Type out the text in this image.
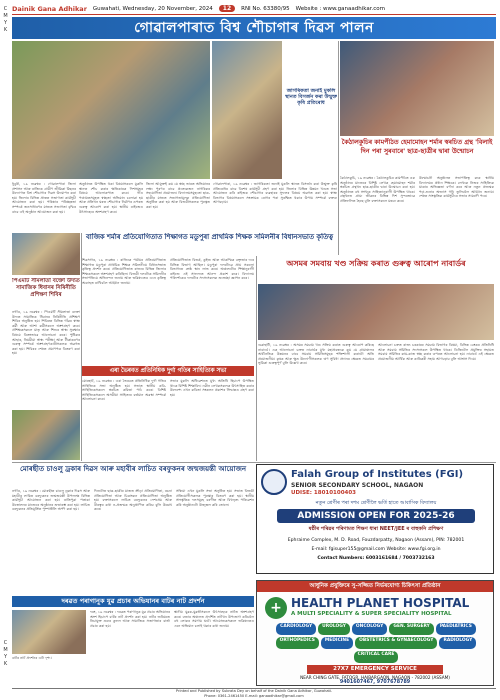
C
M
Y
K
C
M
Y
K
Dainik Gana Adhikar Guwahati, Wednesday, 20 November, 2024	12	RNI No. 63380/95 Website : www.ganaadhikar.com
গোৱালপাৰাত বিশ্ব শৌচাগাৰ দিৱস পালন
জাগৰিকতা জনাই মুকলি স্থানত বিসৰ্জন কৰা উন্মুক্ত কৃষি প্ৰতিৰোধ
কৈঠালকুচিৰ কামপীঠত হেমামোহন শৰ্মাৰ স্বৰচিত গ্ৰন্থ 'বিলাই দিন পৰা সুৰবাৰে' ছাত্ৰ-ছাত্ৰীৰ দ্বাৰা উন্মোচন
ধুবুৰী, ১৯ নৱেম্বৰ : গোৱালপাৰা জিলা প্ৰশাসন আৰু ৰাজ্যিক গ্ৰামীণ জীৱিকা মিছনৰ উদ্যোগত বিশ্ব শৌচাগাৰ দিৱস উদযাপন কৰা হয়। জিলাৰ বিভিন্ন প্ৰান্তত সজাগতা কাৰ্যসূচী আয়োজন কৰা হয়। পৰিষ্কাৰ পৰিচ্ছন্নতা সম্পৰ্কে জনসাধাৰণৰ মাজত সজাগতা বৃদ্ধিৰ বাবে এই অনুষ্ঠান আয়োজন কৰা হয়।
অনুষ্ঠানত উপস্থিত থকা বিষয়াসকলে মুকলি স্থানত শৌচ কৰাৰ ক্ষতিকাৰক দিশসমূহৰ বিষয়ে আলোকপাত কৰে। গাঁও পঞ্চায়তসমূহত স্বচ্ছতা অভিযান চলোৱা হয় আৰু প্ৰতিখন ঘৰত শৌচাগাৰ নিৰ্মাণৰ ওপৰত গুৰুত্ব আৰোপ কৰা হয়। স্থানীয় ৰাইজেও উৎসাহেৰে অংশগ্ৰহণ কৰে।
জিলা আয়ুক্তই কয় যে স্বচ্ছ ভাৰত অভিযানৰ লক্ষ্য পূৰণৰ বাবে প্ৰত্যেকজন নাগৰিকৰ সহযোগিতা প্ৰয়োজন। বিদ্যালয়সমূহতো ছাত্ৰ-ছাত্ৰীৰ মাজত সজাগতামূলক প্ৰতিযোগিতা অনুষ্ঠিত কৰা হয় আৰু বিজয়ীসকলক পুৰস্কৃত কৰা হয়।
গোৱালপাৰা, ১৯ নৱেম্বৰ : জাগৰিকতা জনাই মুকলি স্থানত বিসৰ্জন কৰা উন্মুক্ত কৃষি প্ৰতিৰোধৰ বাবে বিশেষ কাৰ্যসূচী গ্ৰহণ কৰা হয়। জিলাৰ বিভিন্ন উন্নয়ন খণ্ডত সভা আয়োজন কৰি ৰাইজক শৌচাগাৰ ব্যৱহাৰৰ সুফলৰ বিষয়ে অৱগত কৰা হয়। স্বাস্থ্য বিভাগৰ বিষয়াসকলে সংক্ৰামক ৰোগৰ পৰা সুৰক্ষিত থকাৰ উপায় সম্পৰ্কে বক্তব্য আগবঢ়ায়।
কৈঠালকুচি, ১৯ নৱেম্বৰ : কৈঠালকুচিৰ কামপীঠত এক অনুষ্ঠানৰ মাজেৰে বিশিষ্ট লেখক হেমামোহন শৰ্মাৰ স্বৰচিত গ্ৰন্থখন ছাত্ৰ-ছাত্ৰীৰ দ্বাৰা উন্মোচন কৰা হয়। অনুষ্ঠানত বহু সংখ্যক সাহিত্যানুৰাগী উপস্থিত থাকে। গ্ৰন্থখনত গ্ৰাম্য জীৱনৰ বিভিন্ন দিশ সুন্দৰভাৱে প্ৰতিফলিত হৈছে বুলি বক্তাসকলে মন্তব্য কৰে।
উন্মোচনী অনুষ্ঠানত সভাপতিত্ব কৰে স্থানীয় বিদ্যালয়ৰ প্ৰধান শিক্ষকে। লেখকে নিজৰ সাহিত্যিক যাত্ৰাৰ অভিজ্ঞতা বৰ্ণনা কৰে আৰু নতুন প্ৰজন্মক পঢ়া-শুনাৰ অভ্যাস গঢ়ি তুলিবলৈ আহ্বান জনায়। শেষত সাংস্কৃতিক কাৰ্যসূচীৰে সভাৰ সামৰণি পৰে।
বাজিক শৰ্মাৰ প্ৰতিযোগিতাত শিক্ষাগত মডুপুৰা প্ৰাথমিক শিক্ষক সমিলনীৰ বিধানসভাত কৃতিত্ব
পিএমটি সীমলাতা বক্তো উদ্যত সামাজিক ধিবানৰ নিৰিনীতি প্ৰশিক্ষণ শিবিৰ
নগাঁও, ১৯ নৱেম্বৰ : পিএমটি সীমলাতা বক্তো উদ্যত সামাজিক ধিবানৰ নিৰিনীতি প্ৰশিক্ষণ শিবিৰ অনুষ্ঠিত হয়। শিবিৰত বিভিন্ন গাঁৱৰ স্বাস্থ্য কৰ্মী আৰু আশা কৰ্মীসকলে অংশগ্ৰহণ কৰে। প্ৰশিক্ষকসকলে মাতৃ আৰু শিশুৰ স্বাস্থ্য সুৰক্ষাৰ বিষয়ে বিতংভাৱে আলোচনা কৰে। পুষ্টিকৰ আহাৰ, নিয়মীয়া স্বাস্থ্য পৰীক্ষা আৰু টীকাকৰণৰ গুৰুত্ব সম্পৰ্কে অংশগ্ৰহণকাৰীসকলক অৱগত কৰা হয়। শিবিৰৰ শেষত প্ৰমাণপত্ৰ বিতৰণ কৰা হয়।
শিৱসাগৰ, ১৯ নৱেম্বৰ : ৰাজ্যিক পৰ্যায়ৰ প্ৰতিযোগিতাত শিক্ষাগত মডুপুৰা প্ৰাথমিক শিক্ষক সমিলনীয়ে বিধানসভাত কৃতিত্ব প্ৰদৰ্শন কৰে। প্ৰতিযোগিতাত ৰাজ্যৰ বিভিন্ন জিলাৰ শিক্ষকসকলে অংশগ্ৰহণ কৰিছিল। বিজয়ী দলটোক সমিলনীৰ সভাপতিয়ে অভিনন্দন জনায় আৰু ভৱিষ্যতেও এনে কৃতিত্ব অব্যাহত ৰাখিবলৈ আহ্বান জনায়।
প্ৰতিযোগিতাত বিতৰ্ক, কুইজ আৰু আকস্মিক বক্তৃতাৰ দৰে বিভিন্ন বিভাগ আছিল। মডুপুৰা দলটোৱে প্ৰায় সকলো বিভাগতে শ্ৰেষ্ঠ স্থান লাভ কৰে। অঞ্চলটোৰ শিক্ষানুৰাগী ৰাইজে এই সাফল্যত আনন্দ প্ৰকাশ কৰে। বিদ্যালয় পৰিদৰ্শকেও দলটোৰ সদস্যসকলক শুভেচ্ছা জ্ঞাপন কৰে।
অসমৰ সমবায় খণ্ড সক্ৰিয় কৰাত গুৰুত্ব আৰোপ নাবাৰ্ডৰ
গুৱাহাটী, ১৯ নৱেম্বৰ : অসমৰ সমবায় খণ্ড সক্ৰিয় কৰাত গুৰুত্ব আৰোপ কৰিছে নাবাৰ্ডে। এক আলোচনা চক্ৰত নাবাৰ্ডৰ মুখ্য মহাপ্ৰবন্ধকে কয় যে গ্ৰামাঞ্চলৰ অৰ্থনৈতিক উন্নয়নৰ বাবে সমবায় সমিতিসমূহক শক্তিশালী কৰাটো অতি প্ৰয়োজনীয়। কৃষক আৰু ক্ষুদ্ৰ উদ্যোগীসকলক ঋণ সুবিধা প্ৰদানৰ ক্ষেত্ৰত সমবায়ৰ ভূমিকা গুৰুত্বপূৰ্ণ বুলি উল্লেখ কৰে।
আলোচনা চক্ৰত ৰাজ্য চৰকাৰৰ সমবায় বিভাগৰ বিষয়া, বিভিন্ন বেংকৰ প্ৰতিনিধি আৰু সমবায় সমিতিৰ সদস্যসকল উপস্থিত থাকে। ডিজিটেল প্ৰযুক্তিৰ সহায়ত সমবায় সমিতিৰ কাম-কাজ স্বচ্ছ কৰাৰ ওপৰত আলোচনা হয়। নাবাৰ্ডে এই ক্ষেত্ৰত প্ৰয়োজনীয় আৰ্থিক আৰু কাৰিকৰী সহায় আগবঢ়াব বুলি আশ্বাস দিয়ে।
এৰা ভৈৰবত প্ৰতিনিধিক দুৰ্গা গতিৰ সাহিত্যিক সভা
যোৰহাট, ১৯ নৱেম্বৰ : এৰা ভৈৰবত প্ৰতিনিধিক দুৰ্গা গতিৰ সাহিত্যিক সভা অনুষ্ঠিত হয়। সভাত স্থানীয় কবি-সাহিত্যিকসকলে স্বৰচিত কবিতা পাঠ কৰে। বিশিষ্ট সাহিত্যিকসকলে অসমীয়া সাহিত্যৰ বৰ্তমান অৱস্থা সম্পৰ্কে আলোচনা কৰে।
সভাৰ মুকলি অধিৱেশনত মুখ্য অতিথি হিচাপে উপস্থিত থাকে বিশিষ্ট শিক্ষাবিদ। নৱীন লেখকসকলক উৎসাহিত কৰাৰ উদ্দেশ্যে এখন কবিতা সংকলন প্ৰকাশৰ সিদ্ধান্তও গ্ৰহণ কৰা হয়।
Falah Group of Institutes (FGI)
SENIOR SECONDARY SCHOOL, NAGAON
UDISE: 18010100403
নতুন শ্ৰেণীৰ পৰা দশম শ্ৰেণীলৈ ভৰ্তি হাতে আবাসিক বিদ্যালয়
ADMISSION OPEN FOR 2025-26
ষষ্ঠীৰ পৰিৱৰ পৰিণামত শিক্ষণ ধাৰা NEET/JEE ৰ বাহুকনি প্ৰশিক্ষণ
Ephraime Complex, M. D. Road, Fouzdarpatty, Nagaon (Assam), PIN: 782001
E-mail: fgisuper155@gmail.com Website: www.fgi.org.in
Contact Numbers: 6003161684 / 7003732163
মোৰছীত চাওলু ঢ্ৰকাৰ দিৱস আৰু মহাবীৰ লাচিত বৰফুকনৰ জন্মজয়ন্তী আয়োজন
নগাঁও, ১৯ নৱেম্বৰ : মোৰছীত চাওলু ঢ্ৰকাৰ দিৱস আৰু মহাবীৰ লাচিত বৰফুকনৰ জন্মজয়ন্তী উপলক্ষে বিভিন্ন কাৰ্যসূচী আয়োজন কৰা হয়। ৰাতিপুৱা পতাকা উত্তোলনৰ মাজেৰে অনুষ্ঠানৰ শুভাৰম্ভ কৰা হয়। লাচিত বৰফুকনৰ প্ৰতিমূৰ্তিত পুষ্পাঞ্জলি অৰ্পণ কৰা হয়।
দিনটোত ছাত্ৰ-ছাত্ৰীৰ মাজত ক্ৰীড়া প্ৰতিযোগিতা, ৰচনা প্ৰতিযোগিতা আৰু চিত্ৰাংকন প্ৰতিযোগিতা অনুষ্ঠিত হয়। বক্তাসকলে লাচিত বৰফুকনৰ দেশপ্ৰেম আৰু বীৰত্বৰ কথা ন-প্ৰজন্মক অনুপ্ৰাণিত কৰিব বুলি উল্লেখ কৰে।
সন্ধিয়া এখন মুকলি সভা অনুষ্ঠিত হয়। সভাত বিজয়ী প্ৰতিযোগীসকলক পুৰস্কাৰ বিতৰণ কৰা হয়। স্থানীয় সাংস্কৃতিক দলসমূহে বৰগীত আৰু বিহুনৃত্য পৰিৱেশন কৰি অনুষ্ঠানটো উজ্জ্বল কৰি তোলে।
দৰৱত পৰাগানুক যুৱ প্ৰচাৰ অভিযানৰ বাটৰ নাট প্ৰদৰ্শন
দৰং, ১৯ নৱেম্বৰ : দৰৱত পৰাগানুক যুৱ প্ৰচাৰ অভিযানৰ অংশ হিচাপে বাটৰ নাট প্ৰদৰ্শন কৰা হয়। নাটৰ জৰিয়তে নিচাযুক্ত দ্ৰব্যৰ কুফল আৰু সামাজিক সজাগতাৰ বাৰ্তা প্ৰচাৰ কৰা হয়।
স্থানীয় যুৱক-যুৱতীসকলে উৎসাহেৰে নাটত অংশগ্ৰহণ কৰে। বজাৰ অঞ্চলত প্ৰদৰ্শিত নাটখন উপভোগ কৰিবলৈ বহু লোকৰ সমাগম ঘটে। আয়োজকসকলে ভৱিষ্যতেও এনে অভিযান চলাই থকাৰ কথা জনায়।
বাটৰ নাট প্ৰদৰ্শনৰ এটা দৃশ্য।
আধুনিক প্ৰযুক্তিৰে সু-সজ্জিত নিৰ্ভৰযোগ্য চিকিৎসা প্ৰতিষ্ঠান
+ HEALTH PLANET HOSPITAL
A MULTI SPECIALITY & SUPER SPECIALITY HOSPITAL
CARDIOLOGY	UROLOGY	ONCOLOGY	GEN. SURGERY	PAEDIATRICS
ORTHOPEDICS	MEDICINE	OBSTETRICS & GYNAECOLOGY	RADIOLOGY
CRITICAL CARE
27X7 EMERGENCY SERVICE
NEAR CHING GATE, FATOGR, HAIBARGAON, NAGAON - 782002 (ASSAM)
9401607467, 9707678789
Printed and Published by Subrata Dey on behalf of the Dainik Gana Adhikar, Guwahati.
Phone: 0361-2461450 E-mail: ganaadhikar@gmail.com
